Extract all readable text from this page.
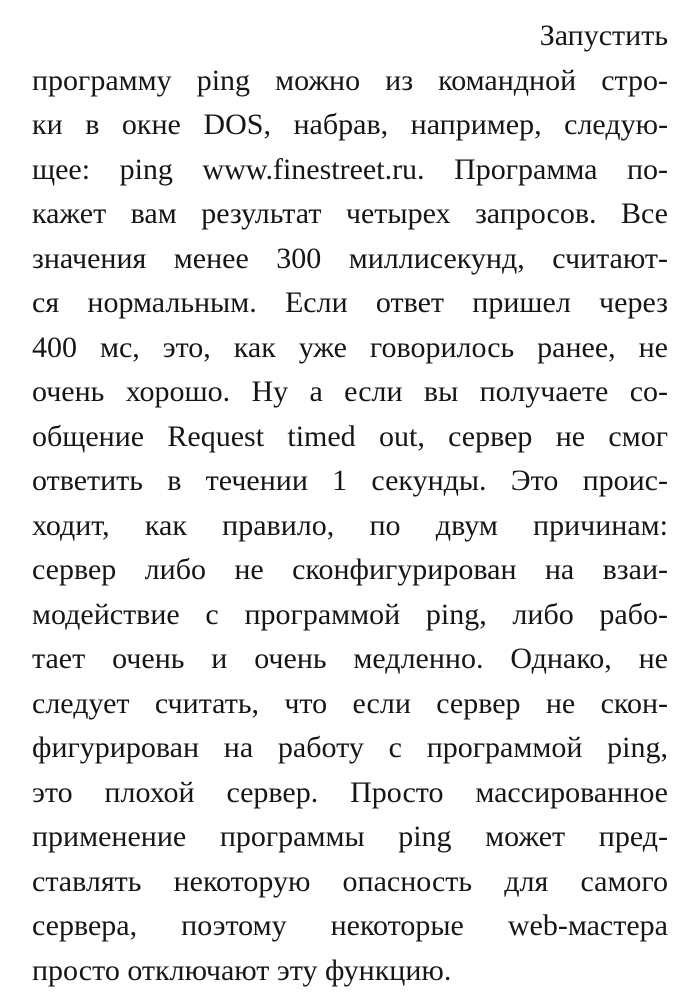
Запустить
программу ping можно из командной стро-
ки в окне DOS, набрав, например, следую-
щее: ping www.finestreet.ru. Программа по-
кажет вам результат четырех запросов. Все
значения менее 300 миллисекунд, считают-
ся нормальным. Если ответ пришел через
400 мс, это, как уже говорилось ранее, не
очень хорошо. Ну а если вы получаете со-
общение Request timed out, сервер не смог
ответить в течении 1 секунды. Это проис-
ходит, как правило, по двум причинам:
сервер либо не сконфигурирован на взаи-
модействие с программой ping, либо рабо-
тает очень и очень медленно. Однако, не
следует считать, что если сервер не скон-
фигурирован на работу с программой ping,
это плохой сервер. Просто массированное
применение программы ping может пред-
ставлять некоторую опасность для самого
сервера, поэтому некоторые web-мастера
просто отключают эту функцию.
